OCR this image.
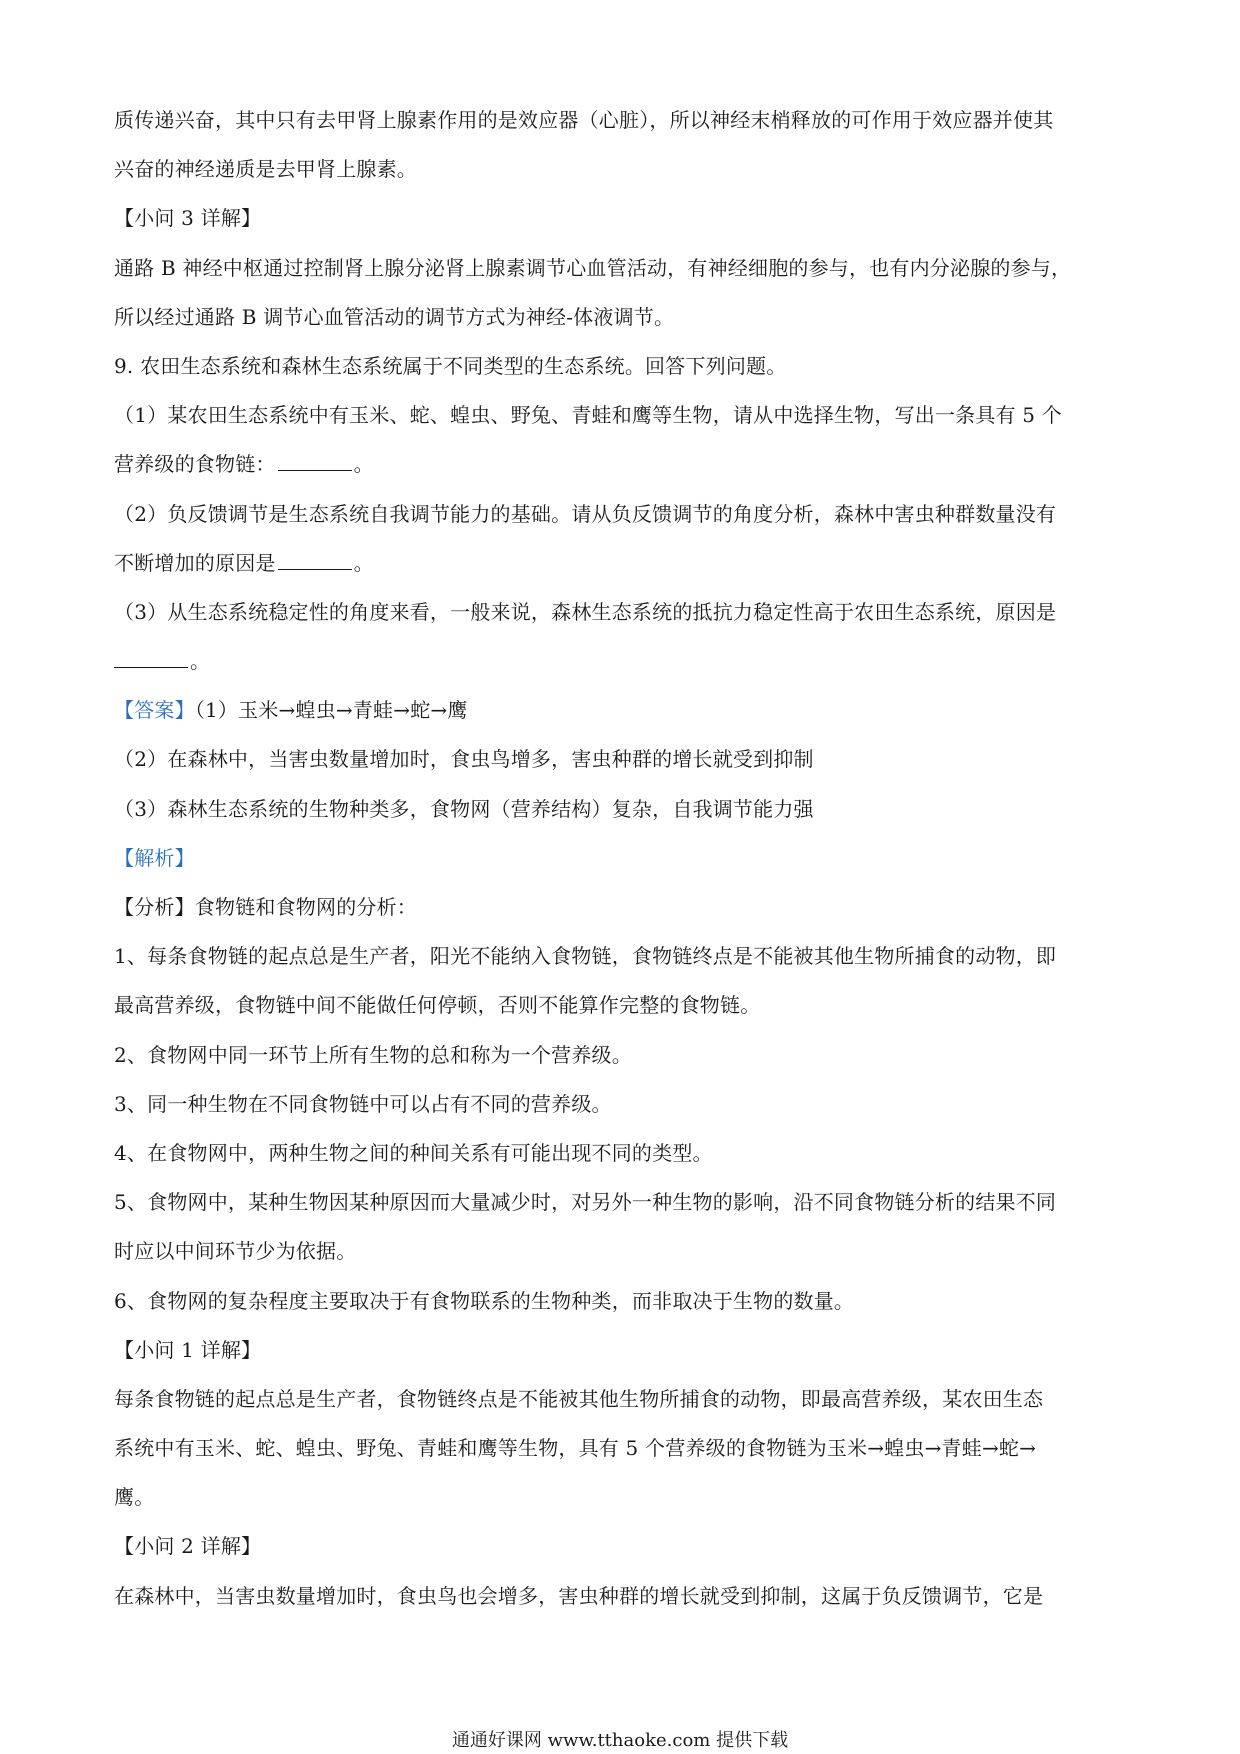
质传递兴奋，其中只有去甲肾上腺素作用的是效应器（心脏），所以神经末梢释放的可作用于效应器并使其
兴奋的神经递质是去甲肾上腺素。
【小问 3 详解】
通路 B 神经中枢通过控制肾上腺分泌肾上腺素调节心血管活动，有神经细胞的参与，也有内分泌腺的参与，
所以经过通路 B 调节心血管活动的调节方式为神经-体液调节。
9. 农田生态系统和森林生态系统属于不同类型的生态系统。回答下列问题。
（1）某农田生态系统中有玉米、蛇、蝗虫、野兔、青蛙和鹰等生物，请从中选择生物，写出一条具有 5 个
营养级的食物链：	。
（2）负反馈调节是生态系统自我调节能力的基础。请从负反馈调节的角度分析，森林中害虫种群数量没有
不断增加的原因是	。
（3）从生态系统稳定性的角度来看，一般来说，森林生态系统的抵抗力稳定性高于农田生态系统，原因是
。
【答案】（1）玉米→蝗虫→青蛙→蛇→鹰
（2）在森林中，当害虫数量增加时，食虫鸟增多，害虫种群的增长就受到抑制
（3）森林生态系统的生物种类多，食物网（营养结构）复杂，自我调节能力强
【解析】
【分析】食物链和食物网的分析：
1、每条食物链的起点总是生产者，阳光不能纳入食物链，食物链终点是不能被其他生物所捕食的动物，即
最高营养级，食物链中间不能做任何停顿，否则不能算作完整的食物链。
2、食物网中同一环节上所有生物的总和称为一个营养级。
3、同一种生物在不同食物链中可以占有不同的营养级。
4、在食物网中，两种生物之间的种间关系有可能出现不同的类型。
5、食物网中，某种生物因某种原因而大量减少时，对另外一种生物的影响，沿不同食物链分析的结果不同
时应以中间环节少为依据。
6、食物网的复杂程度主要取决于有食物联系的生物种类，而非取决于生物的数量。
【小问 1 详解】
每条食物链的起点总是生产者，食物链终点是不能被其他生物所捕食的动物，即最高营养级，某农田生态
系统中有玉米、蛇、蝗虫、野兔、青蛙和鹰等生物，具有 5 个营养级的食物链为玉米→蝗虫→青蛙→蛇→
鹰。
【小问 2 详解】
在森林中，当害虫数量增加时，食虫鸟也会增多，害虫种群的增长就受到抑制，这属于负反馈调节，它是
通通好课网 www.tthaoke.com 提供下载
